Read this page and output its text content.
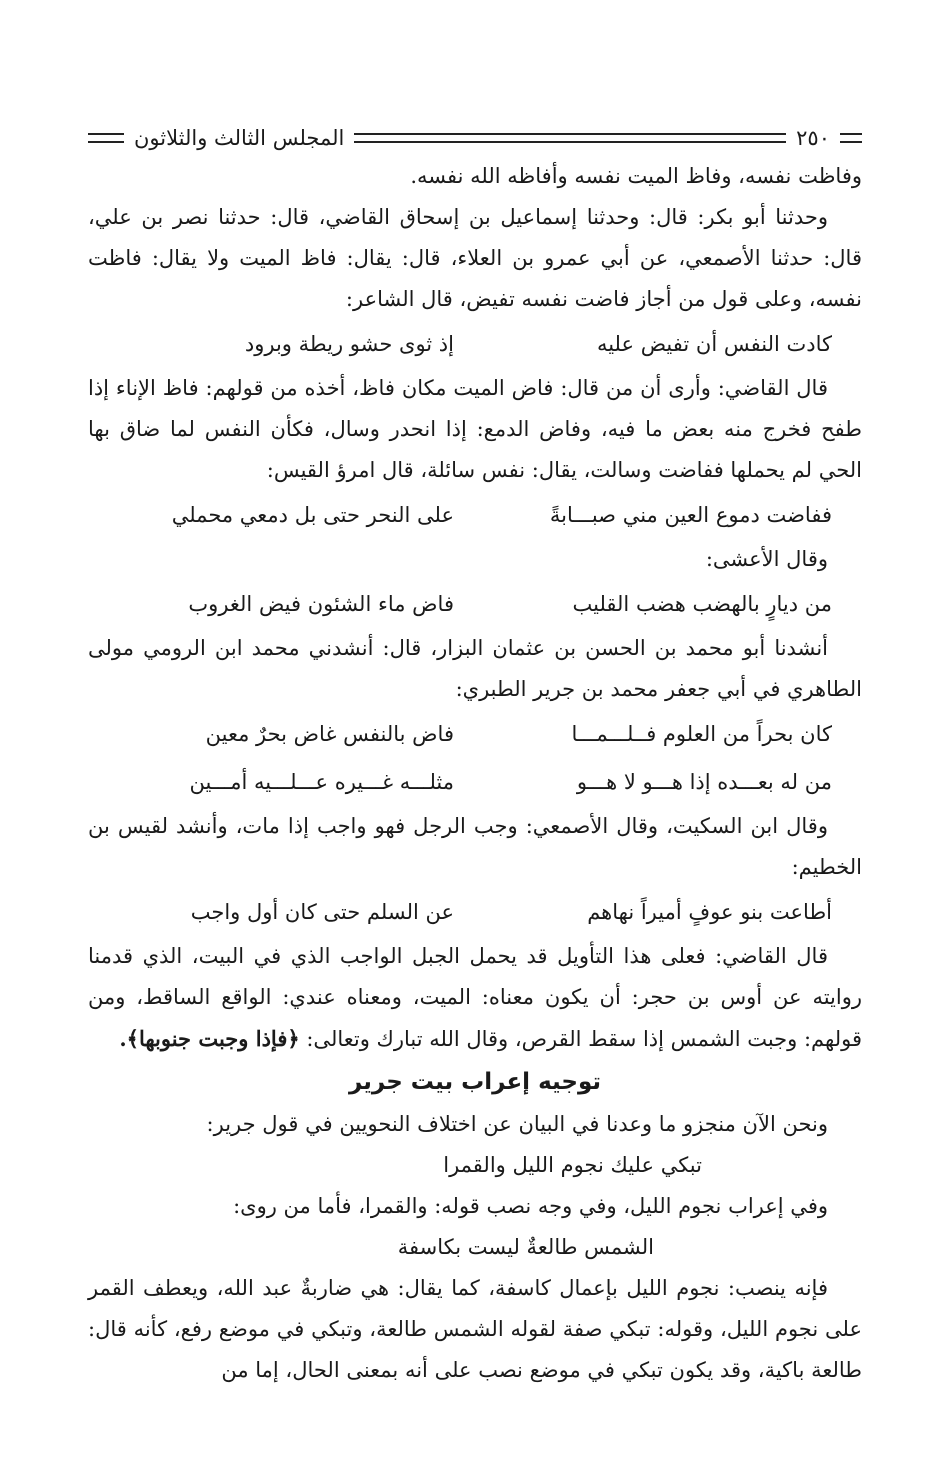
٢٥٠
المجلس الثالث والثلاثون

وفاظت نفسه، وفاظ الميت نفسه وأفاظه الله نفسه.

وحدثنا أبو بكر: قال: وحدثنا إسماعيل بن إسحاق القاضي، قال: حدثنا نصر بن علي، قال: حدثنا الأصمعي، عن أبي عمرو بن العلاء، قال: يقال: فاظ الميت ولا يقال: فاظت نفسه، وعلى قول من أجاز فاضت نفسه تفيض، قال الشاعر:

كادت النفس أن تفيض عليه
إذ ثوى حشو ريطة وبرود

قال القاضي: وأرى أن من قال: فاض الميت مكان فاظ، أخذه من قولهم: فاظ الإناء إذا طفح فخرج منه بعض ما فيه، وفاض الدمع: إذا انحدر وسال، فكأن النفس لما ضاق بها الحي لم يحملها ففاضت وسالت، يقال: نفس سائلة، قال امرؤ القيس:

ففاضت دموع العين مني صبـــابةً
على النحر حتى بل دمعي محملي

وقال الأعشى:

من ديارٍ بالهضب هضب القليب
فاض ماء الشئون فيض الغروب

أنشدنا أبو محمد بن الحسن بن عثمان البزار، قال: أنشدني محمد ابن الرومي مولى الطاهري في أبي جعفر محمد بن جرير الطبري:

كان بحراً من العلوم فــلـــمـــا
فاض بالنفس غاض بحرٌ معين
من له بعـــده إذا هـــو لا هـــو
مثلـــه غـــيره عـــلـــيه أمـــين

وقال ابن السكيت، وقال الأصمعي: وجب الرجل فهو واجب إذا مات، وأنشد لقيس بن الخطيم:

أطاعت بنو عوفٍ أميراً نهاهم
عن السلم حتى كان أول واجب

قال القاضي: فعلى هذا التأويل قد يحمل الجبل الواجب الذي في البيت، الذي قدمنا روايته عن أوس بن حجر: أن يكون معناه: الميت، ومعناه عندي: الواقع الساقط، ومن قولهم: وجبت الشمس إذا سقط القرص، وقال الله تبارك وتعالى: ﴿فإذا وجبت جنوبها﴾.

توجيه إعراب بيت جرير

ونحن الآن منجزو ما وعدنا في البيان عن اختلاف النحويين في قول جرير:

تبكي عليك نجوم الليل والقمرا

وفي إعراب نجوم الليل، وفي وجه نصب قوله: والقمرا، فأما من روى:

الشمس طالعةٌ ليست بكاسفة

فإنه ينصب: نجوم الليل بإعمال كاسفة، كما يقال: هي ضاربةٌ عبد الله، ويعطف القمر على نجوم الليل، وقوله: تبكي صفة لقوله الشمس طالعة، وتبكي في موضع رفع، كأنه قال: طالعة باكية، وقد يكون تبكي في موضع نصب على أنه بمعنى الحال، إما من
